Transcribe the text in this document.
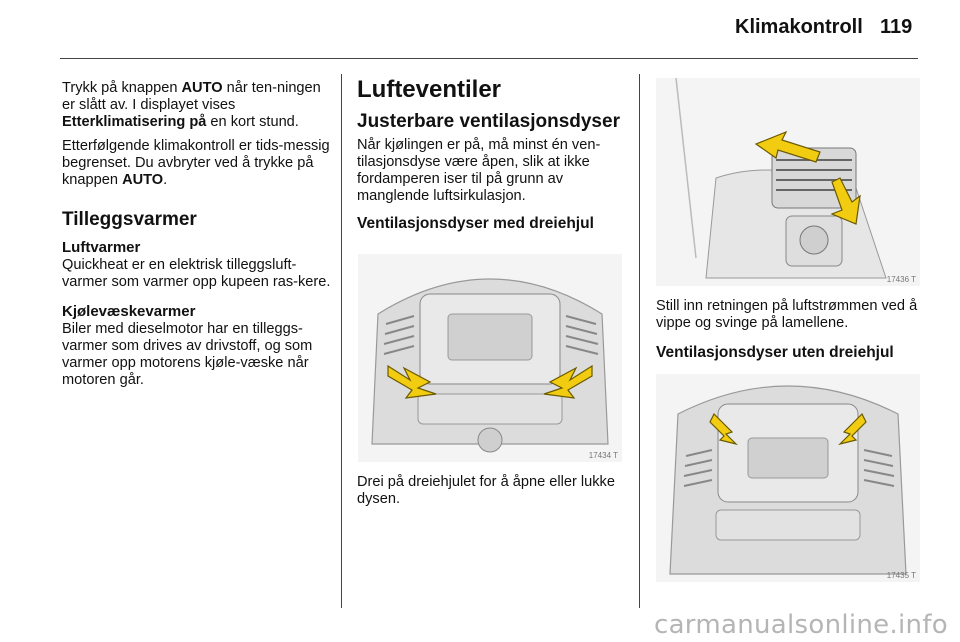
Klimakontroll 119

Trykk på knappen AUTO når ten-ningen er slått av. I displayet vises Etterklimatisering på en kort stund.

Etterfølgende klimakontroll er tids-messig begrenset. Du avbryter ved å trykke på knappen AUTO.

Tilleggsvarmer
Luftvarmer

Quickheat er en elektrisk tilleggsluft-varmer som varmer opp kupeen ras-kere.

Kjølevæskevarmer

Biler med dieselmotor har en tilleggs-varmer som drives av drivstoff, og som varmer opp motorens kjøle-væske når motoren går.

Lufteventiler
Justerbare ventilasjonsdyser

Når kjølingen er på, må minst én ven-tilasjonsdyse være åpen, slik at ikke fordamperen iser til på grunn av manglende luftsirkulasjon.

Ventilasjonsdyser med dreiehjul
17434 T

Drei på dreiehjulet for å åpne eller lukke dysen.

17436 T

Still inn retningen på luftstrømmen ved å vippe og svinge på lamellene.

Ventilasjonsdyser uten dreiehjul
17435 T
carmanualsonline.info
